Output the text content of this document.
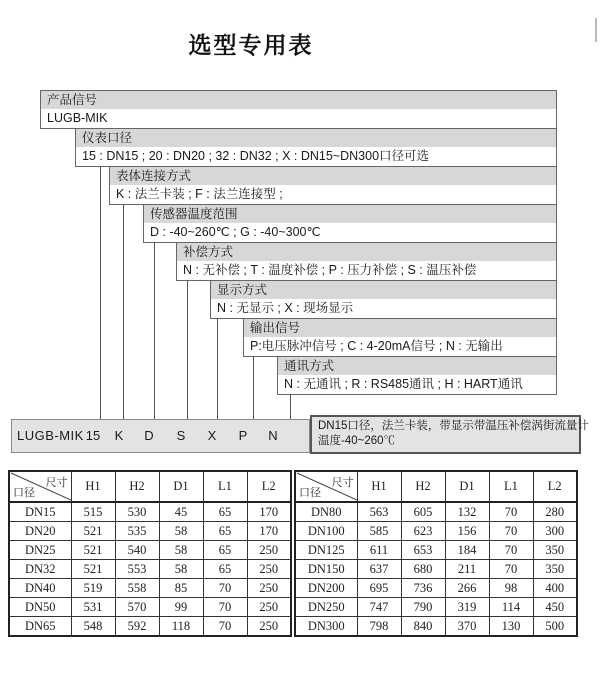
选型专用表
产品信号
LUGB-MIK
仪表口径
15 : DN15 ; 20 : DN20 ; 32 : DN32 ; X : DN15~DN300口径可选
表体连接方式
K : 法兰卡装 ; F : 法兰连接型 ;
传感器温度范围
D : -40~260℃ ; G : -40~300℃
补偿方式
N : 无补偿 ; T : 温度补偿 ; P : 压力补偿 ; S : 温压补偿
显示方式
N : 无显示 ; X : 现场显示
输出信号
P:电压脉冲信号 ; C : 4-20mA信号 ; N : 无输出
通讯方式
N : 无通讯 ; R : RS485通讯 ; H : HART通讯
LUGB-MIK 15	K	D	S	X	P	N
DN15口径，法兰卡装，带显示带温压补偿涡街流量计
温度-40~260℃
尺寸
口径	H1	H2	D1	L1	L2
DN15	515	530	45	65	170
DN20	521	535	58	65	170
DN25	521	540	58	65	250
DN32	521	553	58	65	250
DN40	519	558	85	70	250
DN50	531	570	99	70	250
DN65	548	592	118	70	250
尺寸
口径	H1	H2	D1	L1	L2
DN80	563	605	132	70	280
DN100	585	623	156	70	300
DN125	611	653	184	70	350
DN150	637	680	211	70	350
DN200	695	736	266	98	400
DN250	747	790	319	114	450
DN300	798	840	370	130	500
